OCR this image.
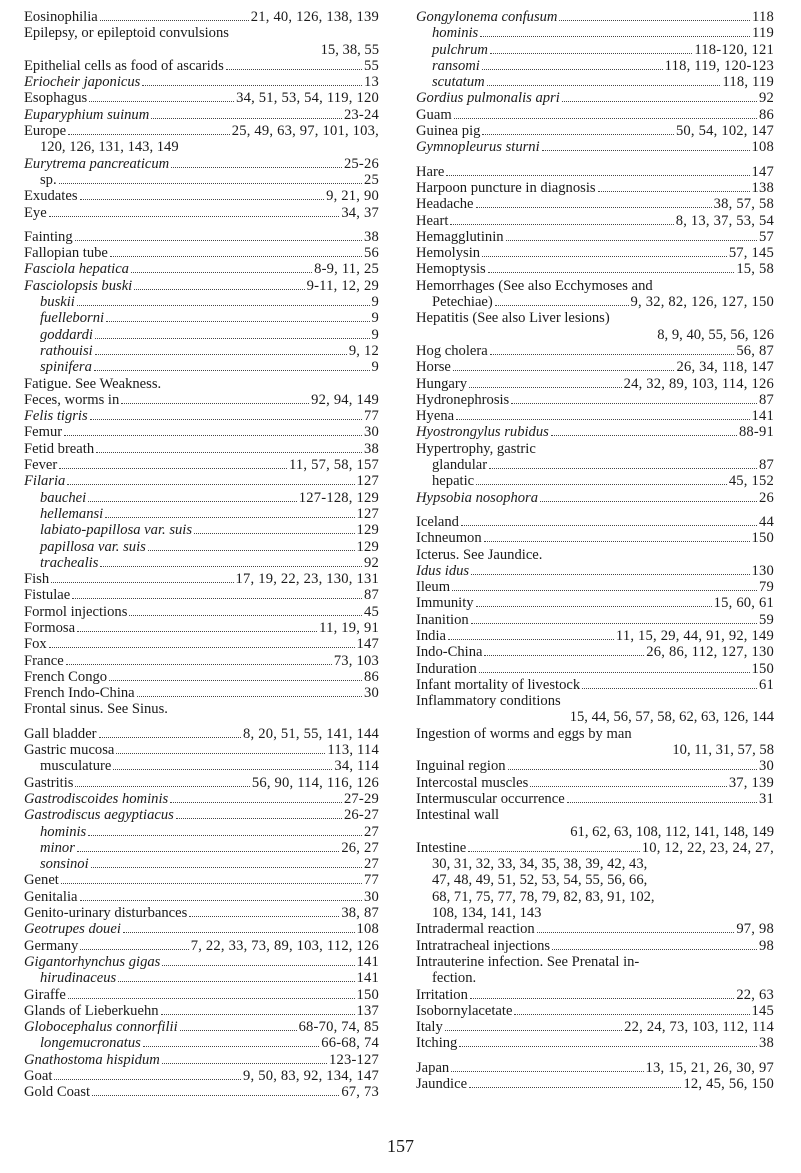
Eosinophilia	21, 40, 126, 138, 139
Epilepsy, or epileptoid convulsions
15, 38, 55
Epithelial cells as food of ascarids	55
Eriocheir japonicus	13
Esophagus	34, 51, 53, 54, 119, 120
Euparyphium suinum	23-24
Europe	25, 49, 63, 97, 101, 103,
120, 126, 131, 143, 149
Eurytrema pancreaticum	25-26
sp.	25
Exudates	9, 21, 90
Eye	34, 37
Fainting	38
Fallopian tube	56
Fasciola hepatica	8-9, 11, 25
Fasciolopsis buski	9-11, 12, 29
buskii	9
fuelleborni	9
goddardi	9
rathouisi	9, 12
spinifera	9
Fatigue. See Weakness.
Feces, worms in	92, 94, 149
Felis tigris	77
Femur	30
Fetid breath	38
Fever	11, 57, 58, 157
Filaria	127
bauchei	127-128, 129
hellemansi	127
labiato-papillosa var. suis	129
papillosa var. suis	129
trachealis	92
Fish	17, 19, 22, 23, 130, 131
Fistulae	87
Formol injections	45
Formosa	11, 19, 91
Fox	147
France	73, 103
French Congo	86
French Indo-China	30
Frontal sinus. See Sinus.
Gall bladder	8, 20, 51, 55, 141, 144
Gastric mucosa	113, 114
musculature	34, 114
Gastritis	56, 90, 114, 116, 126
Gastrodiscoides hominis	27-29
Gastrodiscus aegyptiacus	26-27
hominis	27
minor	26, 27
sonsinoi	27
Genet	77
Genitalia	30
Genito-urinary disturbances	38, 87
Geotrupes douei	108
Germany	7, 22, 33, 73, 89, 103, 112, 126
Gigantorhynchus gigas	141
hirudinaceus	141
Giraffe	150
Glands of Lieberkuehn	137
Globocephalus connorfilii	68-70, 74, 85
longemucronatus	66-68, 74
Gnathostoma hispidum	123-127
Goat	9, 50, 83, 92, 134, 147
Gold Coast	67, 73
Gongylonema confusum	118
hominis	119
pulchrum	118-120, 121
ransomi	118, 119, 120-123
scutatum	118, 119
Gordius pulmonalis apri	92
Guam	86
Guinea pig	50, 54, 102, 147
Gymnopleurus sturni	108
Hare	147
Harpoon puncture in diagnosis	138
Headache	38, 57, 58
Heart	8, 13, 37, 53, 54
Hemagglutinin	57
Hemolysin	57, 145
Hemoptysis	15, 58
Hemorrhages (See also Ecchymoses and
Petechiae)	9, 32, 82, 126, 127, 150
Hepatitis (See also Liver lesions)
8, 9, 40, 55, 56, 126
Hog cholera	56, 87
Horse	26, 34, 118, 147
Hungary	24, 32, 89, 103, 114, 126
Hydronephrosis	87
Hyena	141
Hyostrongylus rubidus	88-91
Hypertrophy, gastric
glandular	87
hepatic	45, 152
Hypsobia nosophora	26
Iceland	44
Ichneumon	150
Icterus. See Jaundice.
Idus idus	130
Ileum	79
Immunity	15, 60, 61
Inanition	59
India	11, 15, 29, 44, 91, 92, 149
Indo-China	26, 86, 112, 127, 130
Induration	150
Infant mortality of livestock	61
Inflammatory conditions
15, 44, 56, 57, 58, 62, 63, 126, 144
Ingestion of worms and eggs by man
10, 11, 31, 57, 58
Inguinal region	30
Intercostal muscles	37, 139
Intermuscular occurrence	31
Intestinal wall
61, 62, 63, 108, 112, 141, 148, 149
Intestine	10, 12, 22, 23, 24, 27,
30, 31, 32, 33, 34, 35, 38, 39, 42, 43,
47, 48, 49, 51, 52, 53, 54, 55, 56, 66,
68, 71, 75, 77, 78, 79, 82, 83, 91, 102,
108, 134, 141, 143
Intradermal reaction	97, 98
Intratracheal injections	98
Intrauterine infection. See Prenatal in-
fection.
Irritation	22, 63
Isobornylacetate	145
Italy	22, 24, 73, 103, 112, 114
Itching	38
Japan	13, 15, 21, 26, 30, 97
Jaundice	12, 45, 56, 150
157
